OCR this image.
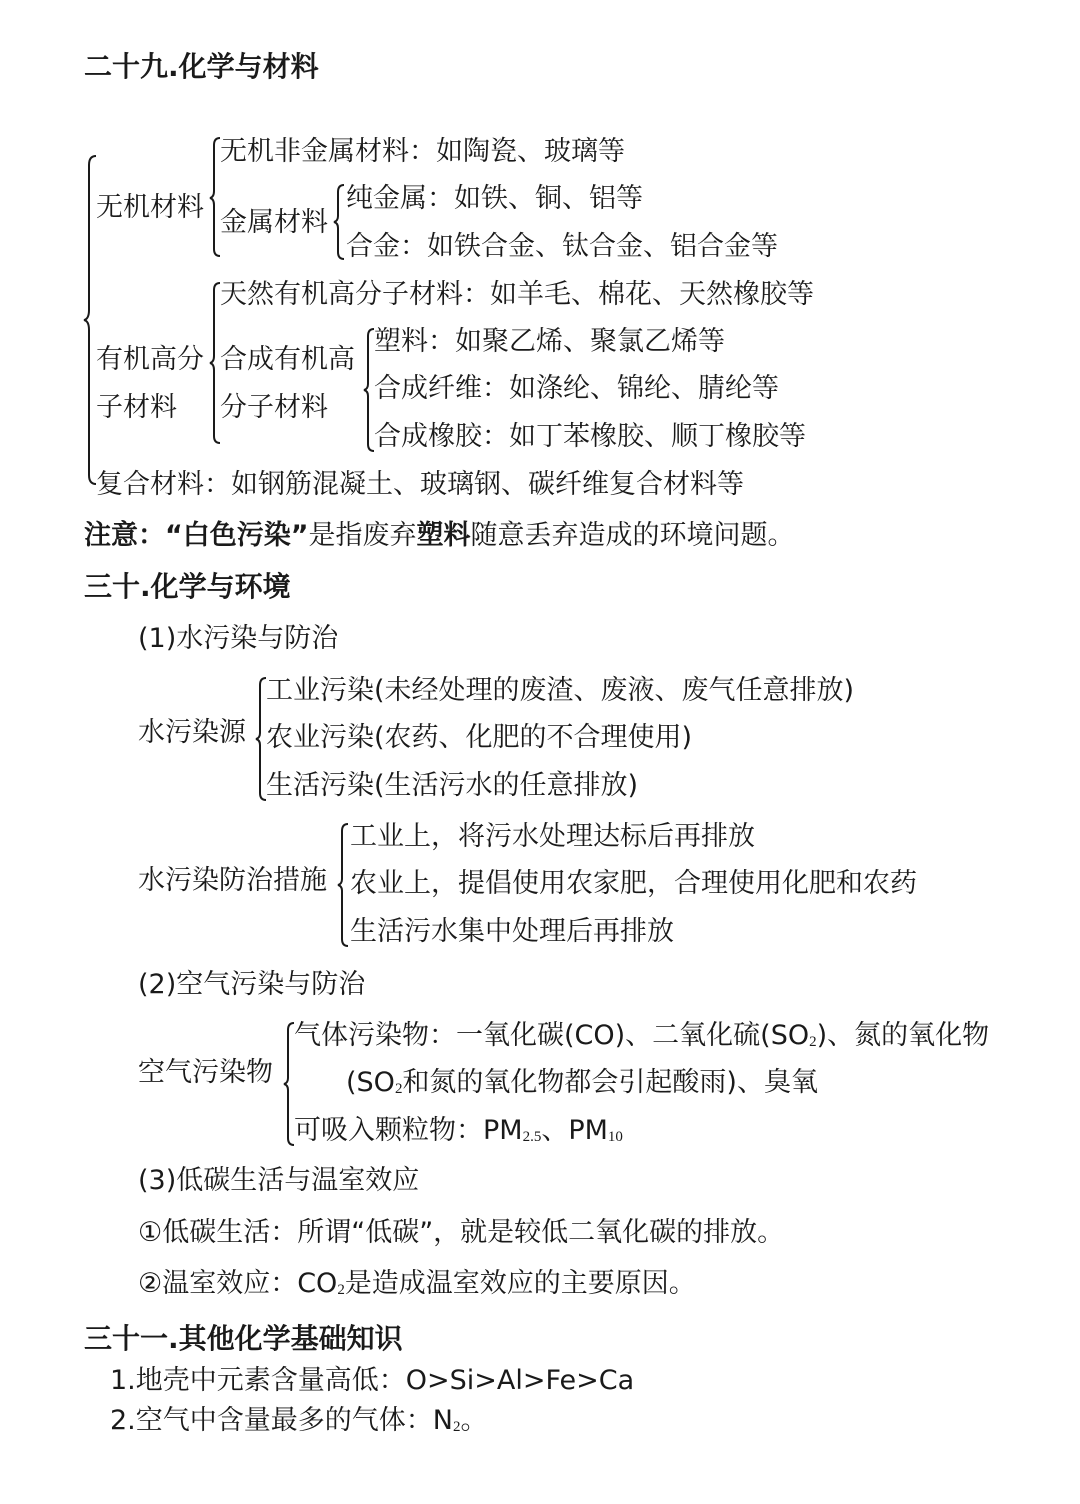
二十九.化学与材料
无机材料
无机非金属材料：如陶瓷、玻璃等
金属材料
纯金属：如铁、铜、铝等
合金：如铁合金、钛合金、铝合金等
有机高分
子材料
天然有机高分子材料：如羊毛、棉花、天然橡胶等
合成有机高
分子材料
塑料：如聚乙烯、聚氯乙烯等
合成纤维：如涤纶、锦纶、腈纶等
合成橡胶：如丁苯橡胶、顺丁橡胶等
复合材料：如钢筋混凝土、玻璃钢、碳纤维复合材料等
注意：“白色污染”是指废弃塑料随意丢弃造成的环境问题。
三十.化学与环境
(1)水污染与防治
水污染源
工业污染(未经处理的废渣、废液、废气任意排放)
农业污染(农药、化肥的不合理使用)
生活污染(生活污水的任意排放)
水污染防治措施
工业上，将污水处理达标后再排放
农业上，提倡使用农家肥，合理使用化肥和农药
生活污水集中处理后再排放
(2)空气污染与防治
空气污染物
气体污染物：一氧化碳(CO)、二氧化硫$(SO_2)$、氮的氧化物
($SO_2$和氮的氧化物都会引起酸雨)、臭氧
可吸入颗粒物：$PM_{2.5}$、$PM_{10}$
(3)低碳生活与温室效应
①低碳生活：所谓“低碳”，就是较低二氧化碳的排放。
②温室效应：$CO_2$是造成温室效应的主要原因。
三十一.其他化学基础知识
1.地壳中元素含量高低：O>Si>Al>Fe>Ca
2.空气中含量最多的气体：$N_2$。
